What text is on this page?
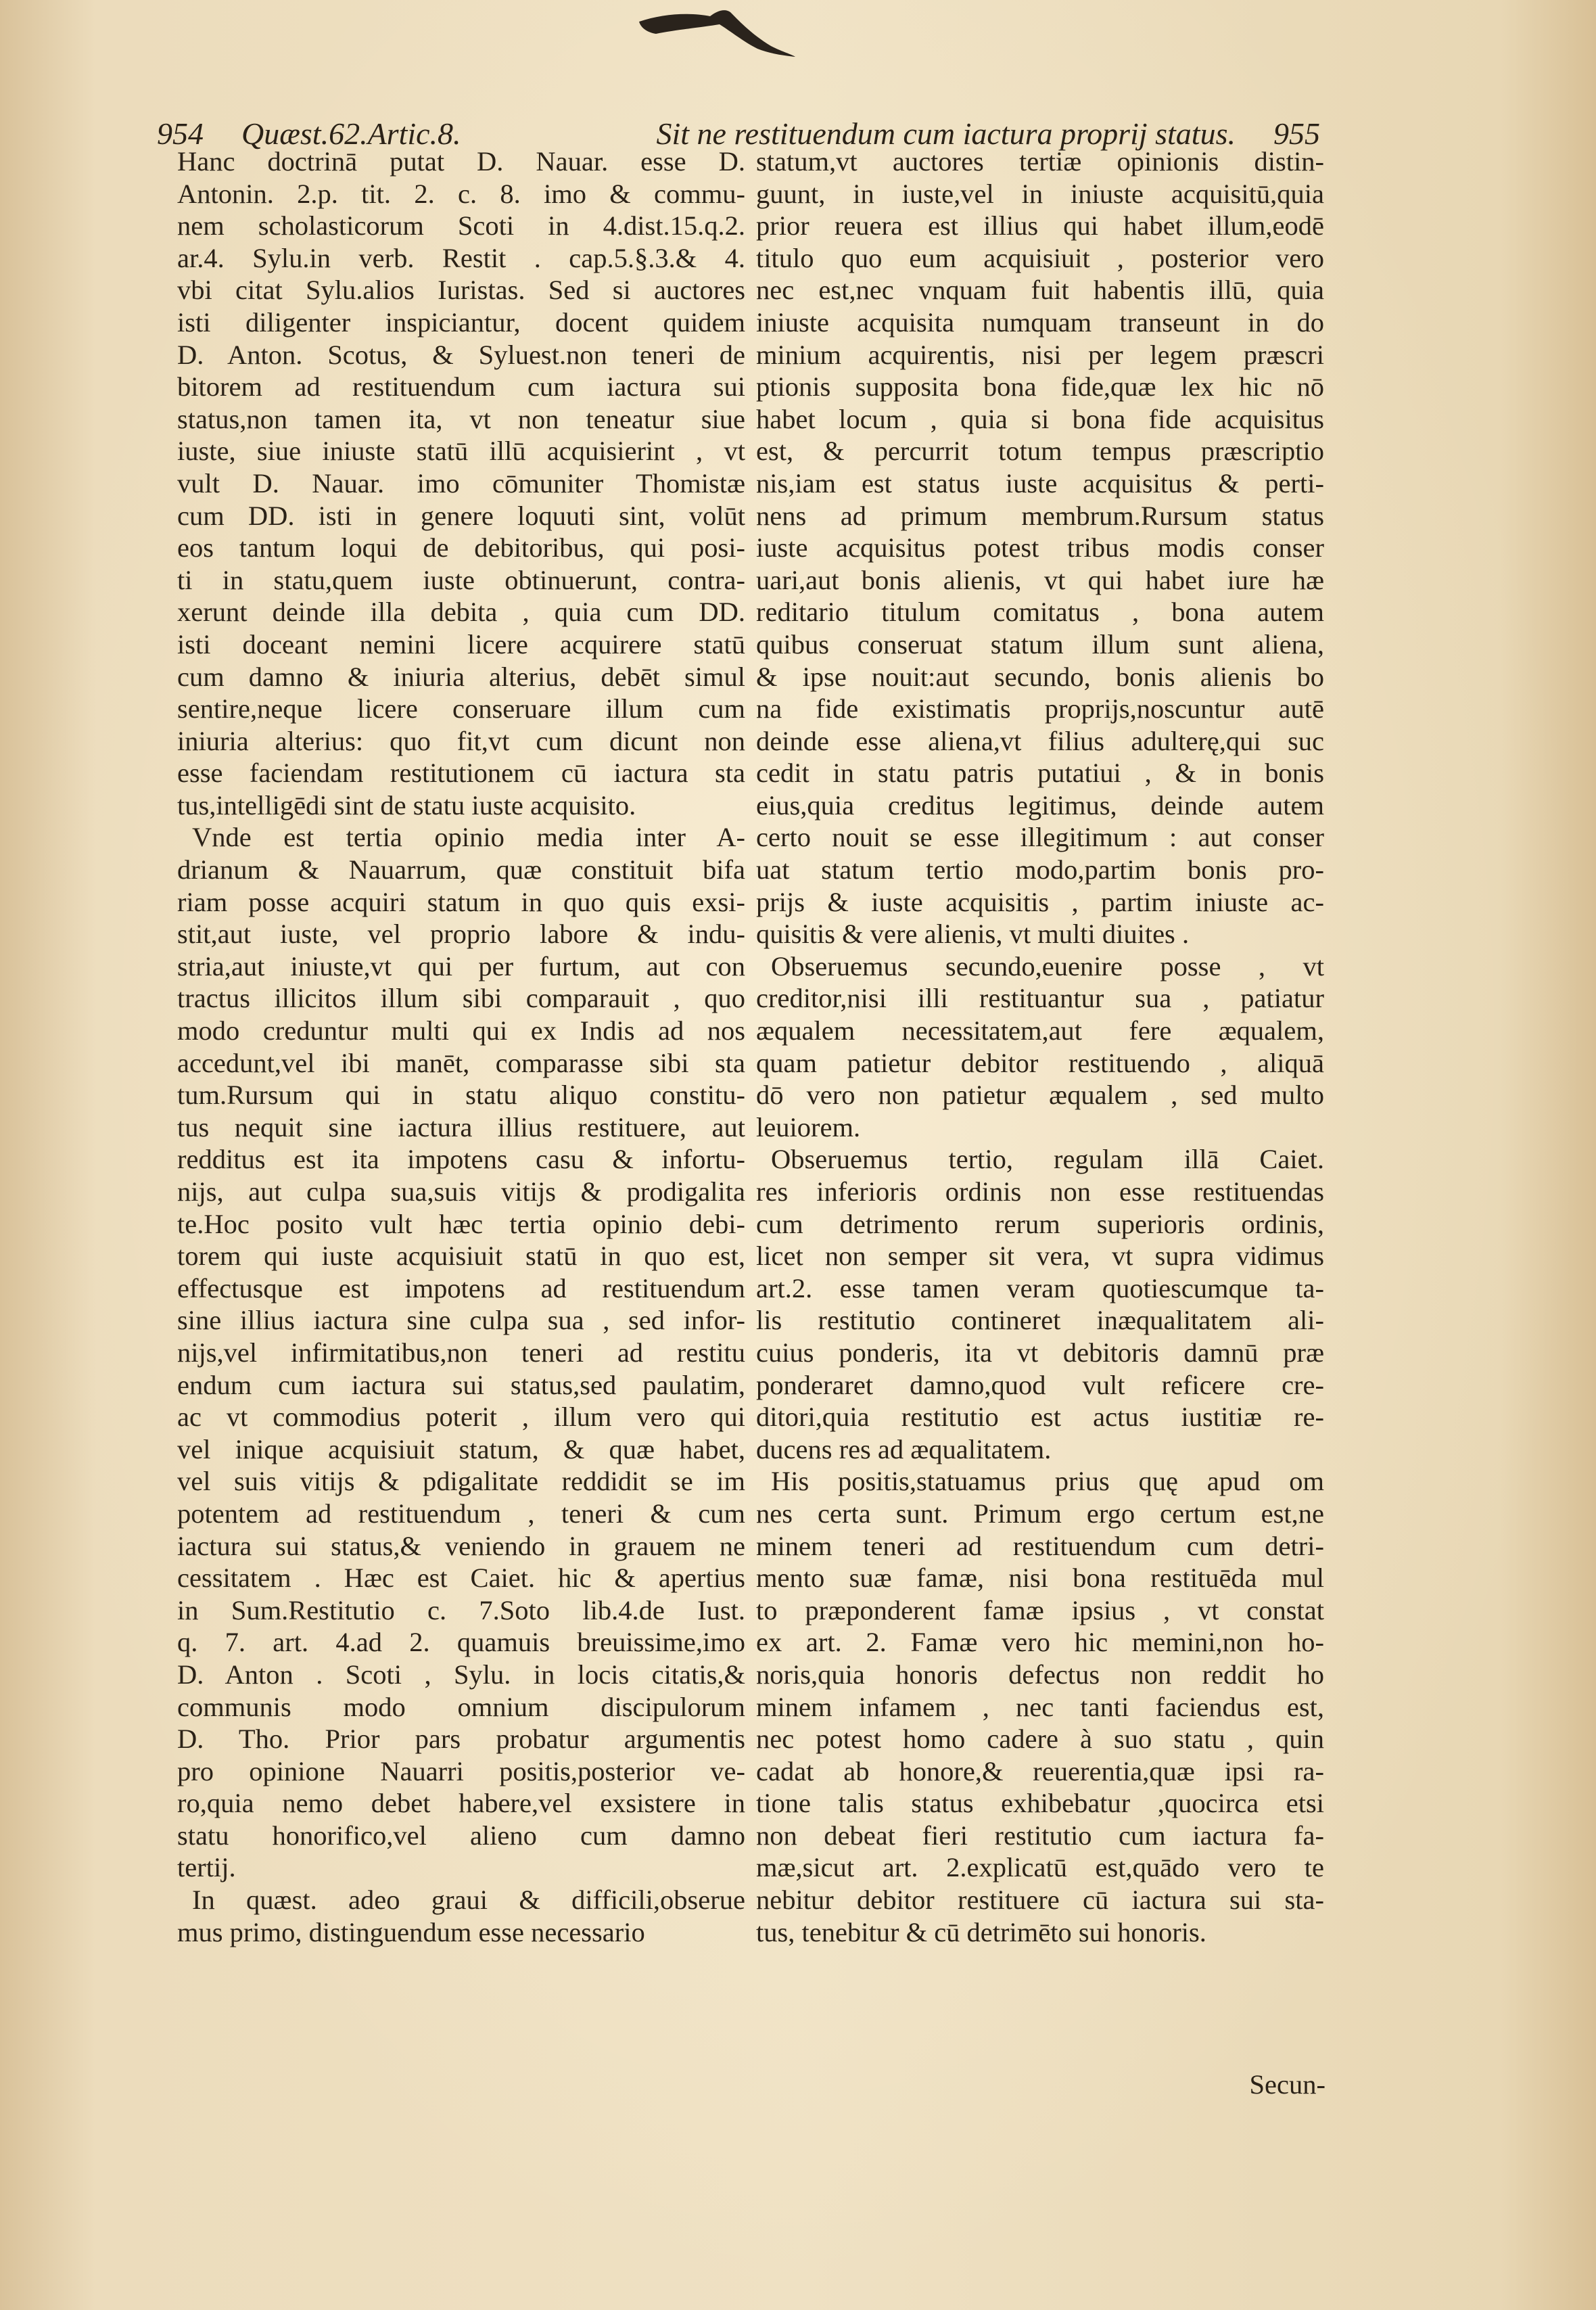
954 Quæst.62.Artic.8.	Sit ne restituendum cum iactura proprij status. 955

Hanc doctrinā putat D. Nauar. esse D.

Antonin. 2.p. tit. 2. c. 8. imo & commu-

nem scholasticorum Scoti in 4.dist.15.q.2.

ar.4. Sylu.in verb. Restit . cap.5.§.3.& 4.

vbi citat Sylu.alios Iuristas. Sed si auctores

isti diligenter inspiciantur, docent quidem

D. Anton. Scotus, & Syluest.non teneri de

bitorem ad restituendum cum iactura sui

status,non tamen ita, vt non teneatur siue

iuste, siue iniuste statū illū acquisierint , vt

vult D. Nauar. imo cōmuniter Thomistæ

cum DD. isti in genere loquuti sint, volūt

eos tantum loqui de debitoribus, qui posi-

ti in statu,quem iuste obtinuerunt, contra-

xerunt deinde illa debita , quia cum DD.

isti doceant nemini licere acquirere statū

cum damno & iniuria alterius, debēt simul

sentire,neque licere conseruare illum cum

iniuria alterius: quo fit,vt cum dicunt non

esse faciendam restitutionem cū iactura sta

tus,intelligēdi sint de statu iuste acquisito.

Vnde est tertia opinio media inter A-

drianum & Nauarrum, quæ constituit bifa

riam posse acquiri statum in quo quis exsi-

stit,aut iuste, vel proprio labore & indu-

stria,aut iniuste,vt qui per furtum, aut con

tractus illicitos illum sibi comparauit , quo

modo creduntur multi qui ex Indis ad nos

accedunt,vel ibi manēt, comparasse sibi sta

tum.Rursum qui in statu aliquo constitu-

tus nequit sine iactura illius restituere, aut

redditus est ita impotens casu & infortu-

nijs, aut culpa sua,suis vitijs & prodigalita

te.Hoc posito vult hæc tertia opinio debi-

torem qui iuste acquisiuit statū in quo est,

effectusque est impotens ad restituendum

sine illius iactura sine culpa sua , sed infor-

nijs,vel infirmitatibus,non teneri ad restitu

endum cum iactura sui status,sed paulatim,

ac vt commodius poterit , illum vero qui

vel inique acquisiuit statum, & quæ habet,

vel suis vitijs & pdigalitate reddidit se im

potentem ad restituendum , teneri & cum

iactura sui status,& veniendo in grauem ne

cessitatem . Hæc est Caiet. hic & apertius

in Sum.Restitutio c. 7.Soto lib.4.de Iust.

q. 7. art. 4.ad 2. quamuis breuissime,imo

D. Anton . Scoti , Sylu. in locis citatis,&

communis modo omnium discipulorum

D. Tho. Prior pars probatur argumentis

pro opinione Nauarri positis,posterior ve-

ro,quia nemo debet habere,vel exsistere in

statu honorifico,vel alieno cum damno

tertij.

In quæst. adeo graui & difficili,obserue

mus primo, distinguendum esse necessario

statum,vt auctores tertiæ opinionis distin-

guunt, in iuste,vel in iniuste acquisitū,quia

prior reuera est illius qui habet illum,eodē

titulo quo eum acquisiuit , posterior vero

nec est,nec vnquam fuit habentis illū, quia

iniuste acquisita numquam transeunt in do

minium acquirentis, nisi per legem præscri

ptionis supposita bona fide,quæ lex hic nō

habet locum , quia si bona fide acquisitus

est, & percurrit totum tempus præscriptio

nis,iam est status iuste acquisitus & perti-

nens ad primum membrum.Rursum status

iuste acquisitus potest tribus modis conser

uari,aut bonis alienis, vt qui habet iure hæ

reditario titulum comitatus , bona autem

quibus conseruat statum illum sunt aliena,

& ipse nouit:aut secundo, bonis alienis bo

na fide existimatis proprijs,noscuntur autē

deinde esse aliena,vt filius adulterę,qui suc

cedit in statu patris putatiui , & in bonis

eius,quia creditus legitimus, deinde autem

certo nouit se esse illegitimum : aut conser

uat statum tertio modo,partim bonis pro-

prijs & iuste acquisitis , partim iniuste ac-

quisitis & vere alienis, vt multi diuites .

Obseruemus secundo,euenire posse , vt

creditor,nisi illi restituantur sua , patiatur

æqualem necessitatem,aut fere æqualem,

quam patietur debitor restituendo , aliquā

dō vero non patietur æqualem , sed multo

leuiorem.

Obseruemus tertio, regulam illā Caiet.

res inferioris ordinis non esse restituendas

cum detrimento rerum superioris ordinis,

licet non semper sit vera, vt supra vidimus

art.2. esse tamen veram quotiescumque ta-

lis restitutio contineret inæqualitatem ali-

cuius ponderis, ita vt debitoris damnū præ

ponderaret damno,quod vult reficere cre-

ditori,quia restitutio est actus iustitiæ re-

ducens res ad æqualitatem.

His positis,statuamus prius quę apud om

nes certa sunt. Primum ergo certum est,ne

minem teneri ad restituendum cum detri-

mento suæ famæ, nisi bona restituēda mul

to præponderent famæ ipsius , vt constat

ex art. 2. Famæ vero hic memini,non ho-

noris,quia honoris defectus non reddit ho

minem infamem , nec tanti faciendus est,

nec potest homo cadere à suo statu , quin

cadat ab honore,& reuerentia,quæ ipsi ra-

tione talis status exhibebatur ,quocirca etsi

non debeat fieri restitutio cum iactura fa-

mæ,sicut art. 2.explicatū est,quādo vero te

nebitur debitor restituere cū iactura sui sta-

tus, tenebitur & cū detrimēto sui honoris.

Secun-
